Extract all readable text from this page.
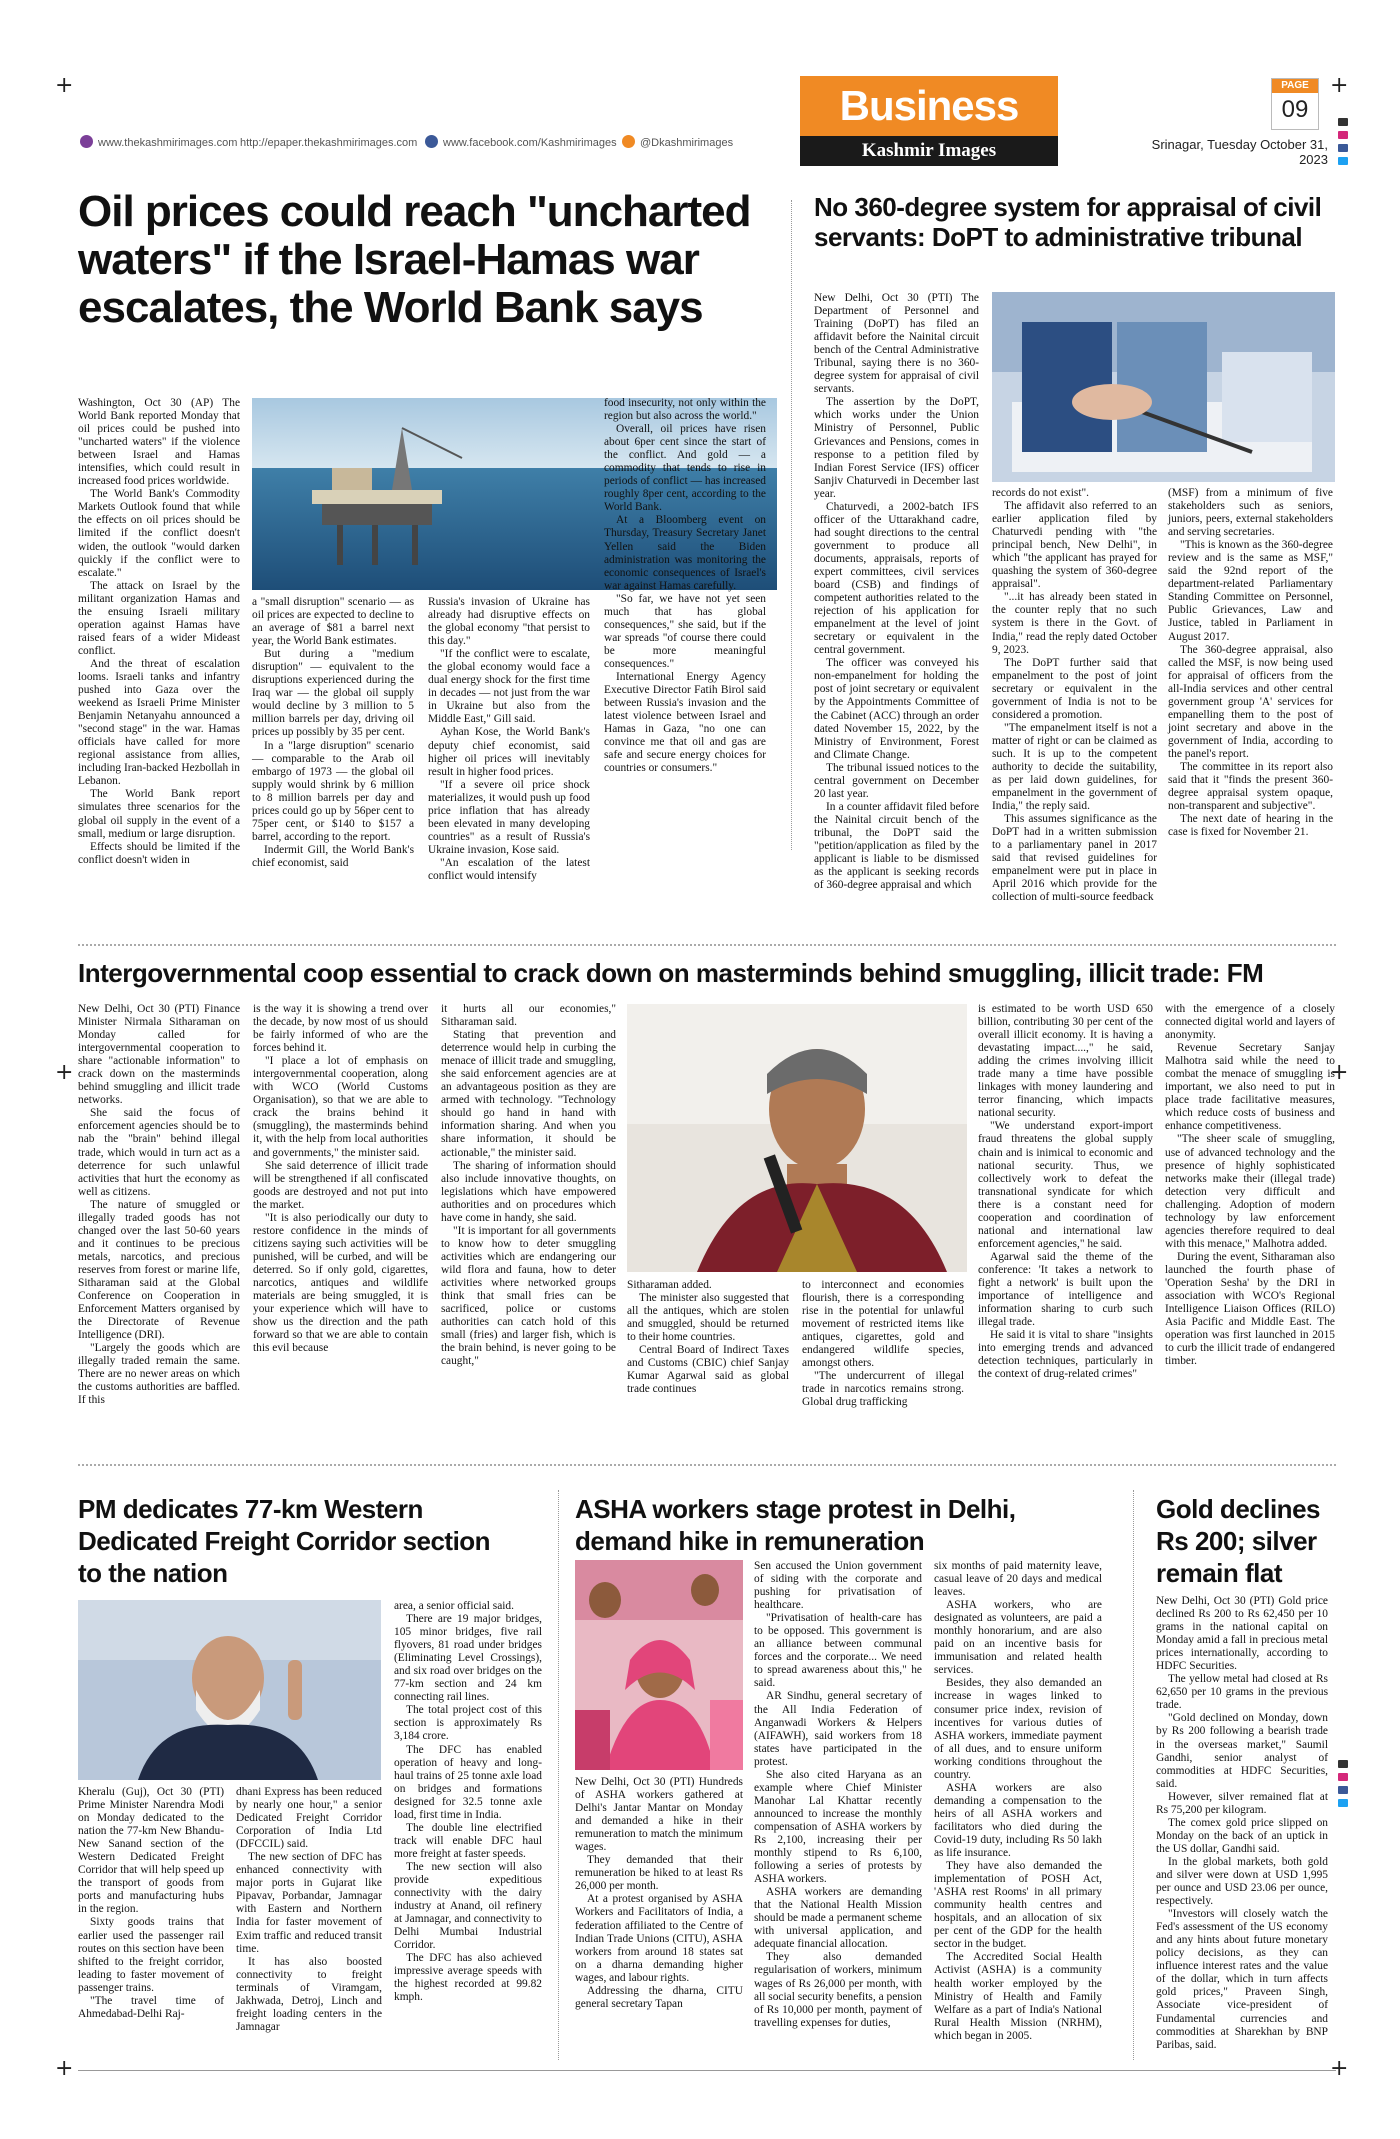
+	+
+	+
+	+
Business
Kashmir Images
PAGE
09
www.thekashmirimages.com http://epaper.thekashmirimages.com	www.facebook.com/Kashmirimages	@Dkashmirimages	Srinagar, Tuesday October 31, 2023
Oil prices could reach "uncharted waters" if the Israel-Hamas war escalates, the World Bank says

Washington, Oct 30 (AP) The World Bank reported Monday that oil prices could be pushed into "uncharted waters" if the violence between Israel and Hamas intensifies, which could result in increased food prices worldwide.

The World Bank's Commodity Markets Outlook found that while the effects on oil prices should be limited if the conflict doesn't widen, the outlook "would darken quickly if the conflict were to escalate."

The attack on Israel by the militant organization Hamas and the ensuing Israeli military operation against Hamas have raised fears of a wider Mideast conflict.

And the threat of escalation looms. Israeli tanks and infantry pushed into Gaza over the weekend as Israeli Prime Minister Benjamin Netanyahu announced a "second stage" in the war. Hamas officials have called for more regional assistance from allies, including Iran-backed Hezbollah in Lebanon.

The World Bank report simulates three scenarios for the global oil supply in the event of a small, medium or large disruption.

Effects should be limited if the conflict doesn't widen in

a "small disruption" scenario — as oil prices are expected to decline to an average of $81 a barrel next year, the World Bank estimates.

But during a "medium disruption" — equivalent to the disruptions experienced during the Iraq war — the global oil supply would decline by 3 million to 5 million barrels per day, driving oil prices up possibly by 35 per cent.

In a "large disruption" scenario — comparable to the Arab oil embargo of 1973 — the global oil supply would shrink by 6 million to 8 million barrels per day and prices could go up by 56per cent to 75per cent, or $140 to $157 a barrel, according to the report.

Indermit Gill, the World Bank's chief economist, said

Russia's invasion of Ukraine has already had disruptive effects on the global economy "that persist to this day."

"If the conflict were to escalate, the global economy would face a dual energy shock for the first time in decades — not just from the war in Ukraine but also from the Middle East," Gill said.

Ayhan Kose, the World Bank's deputy chief economist, said higher oil prices will inevitably result in higher food prices.

"If a severe oil price shock materializes, it would push up food price inflation that has already been elevated in many developing countries" as a result of Russia's Ukraine invasion, Kose said.

"An escalation of the latest conflict would intensify

food insecurity, not only within the region but also across the world."

Overall, oil prices have risen about 6per cent since the start of the conflict. And gold — a commodity that tends to rise in periods of conflict — has increased roughly 8per cent, according to the World Bank.

At a Bloomberg event on Thursday, Treasury Secretary Janet Yellen said the Biden administration was monitoring the economic consequences of Israel's war against Hamas carefully.

"So far, we have not yet seen much that has global consequences," she said, but if the war spreads "of course there could be more meaningful consequences."

International Energy Agency Executive Director Fatih Birol said between Russia's invasion and the latest violence between Israel and Hamas in Gaza, "no one can convince me that oil and gas are safe and secure energy choices for countries or consumers."

No 360-degree system for appraisal of civil servants: DoPT to administrative tribunal

New Delhi, Oct 30 (PTI) The Department of Personnel and Training (DoPT) has filed an affidavit before the Nainital circuit bench of the Central Administrative Tribunal, saying there is no 360-degree system for appraisal of civil servants.

The assertion by the DoPT, which works under the Union Ministry of Personnel, Public Grievances and Pensions, comes in response to a petition filed by Indian Forest Service (IFS) officer Sanjiv Chaturvedi in December last year.

Chaturvedi, a 2002-batch IFS officer of the Uttarakhand cadre, had sought directions to the central government to produce all documents, appraisals, reports of expert committees, civil services board (CSB) and findings of competent authorities related to the rejection of his application for empanelment at the level of joint secretary or equivalent in the central government.

The officer was conveyed his non-empanelment for holding the post of joint secretary or equivalent by the Appointments Committee of the Cabinet (ACC) through an order dated November 15, 2022, by the Ministry of Environment, Forest and Climate Change.

The tribunal issued notices to the central government on December 20 last year.

In a counter affidavit filed before the Nainital circuit bench of the tribunal, the DoPT said the "petition/application as filed by the applicant is liable to be dismissed as the applicant is seeking records of 360-degree appraisal and which

records do not exist".

The affidavit also referred to an earlier application filed by Chaturvedi pending with "the principal bench, New Delhi", in which "the applicant has prayed for quashing the system of 360-degree appraisal".

"...it has already been stated in the counter reply that no such system is there in the Govt. of India," read the reply dated October 9, 2023.

The DoPT further said that empanelment to the post of joint secretary or equivalent in the government of India is not to be considered a promotion.

"The empanelment itself is not a matter of right or can be claimed as such. It is up to the competent authority to decide the suitability, as per laid down guidelines, for empanelment in the government of India," the reply said.

This assumes significance as the DoPT had in a written submission to a parliamentary panel in 2017 said that revised guidelines for empanelment were put in place in April 2016 which provide for the collection of multi-source feedback

(MSF) from a minimum of five stakeholders such as seniors, juniors, peers, external stakeholders and serving secretaries.

"This is known as the 360-degree review and is the same as MSF," said the 92nd report of the department-related Parliamentary Standing Committee on Personnel, Public Grievances, Law and Justice, tabled in Parliament in August 2017.

The 360-degree appraisal, also called the MSF, is now being used for appraisal of officers from the all-India services and other central government group 'A' services for empanelling them to the post of joint secretary and above in the government of India, according to the panel's report.

The committee in its report also said that it "finds the present 360-degree appraisal system opaque, non-transparent and subjective".

The next date of hearing in the case is fixed for November 21.

Intergovernmental coop essential to crack down on masterminds behind smuggling, illicit trade: FM

New Delhi, Oct 30 (PTI) Finance Minister Nirmala Sitharaman on Monday called for intergovernmental cooperation to share "actionable information" to crack down on the masterminds behind smuggling and illicit trade networks.

She said the focus of enforcement agencies should be to nab the "brain" behind illegal trade, which would in turn act as a deterrence for such unlawful activities that hurt the economy as well as citizens.

The nature of smuggled or illegally traded goods has not changed over the last 50-60 years and it continues to be precious metals, narcotics, and precious reserves from forest or marine life, Sitharaman said at the Global Conference on Cooperation in Enforcement Matters organised by the Directorate of Revenue Intelligence (DRI).

"Largely the goods which are illegally traded remain the same. There are no newer areas on which the customs authorities are baffled. If this

is the way it is showing a trend over the decade, by now most of us should be fairly informed of who are the forces behind it.

"I place a lot of emphasis on intergovernmental cooperation, along with WCO (World Customs Organisation), so that we are able to crack the brains behind it (smuggling), the masterminds behind it, with the help from local authorities and governments," the minister said.

She said deterrence of illicit trade will be strengthened if all confiscated goods are destroyed and not put into the market.

"It is also periodically our duty to restore confidence in the minds of citizens saying such activities will be punished, will be curbed, and will be deterred. So if only gold, cigarettes, narcotics, antiques and wildlife materials are being smuggled, it is your experience which will have to show us the direction and the path forward so that we are able to contain this evil because

it hurts all our economies," Sitharaman said.

Stating that prevention and deterrence would help in curbing the menace of illicit trade and smuggling, she said enforcement agencies are at an advantageous position as they are armed with technology. "Technology should go hand in hand with information sharing. And when you share information, it should be actionable," the minister said.

The sharing of information should also include innovative thoughts, on legislations which have empowered authorities and on procedures which have come in handy, she said.

"It is important for all governments to know how to deter smuggling activities which are endangering our wild flora and fauna, how to deter activities where networked groups think that small fries can be sacrificed, police or customs authorities can catch hold of this small (fries) and larger fish, which is the brain behind, is never going to be caught,"

Sitharaman added.

The minister also suggested that all the antiques, which are stolen and smuggled, should be returned to their home countries.

Central Board of Indirect Taxes and Customs (CBIC) chief Sanjay Kumar Agarwal said as global trade continues

to interconnect and economies flourish, there is a corresponding rise in the potential for unlawful movement of restricted items like antiques, cigarettes, gold and endangered wildlife species, amongst others.

"The undercurrent of illegal trade in narcotics remains strong. Global drug trafficking

is estimated to be worth USD 650 billion, contributing 30 per cent of the overall illicit economy. It is having a devastating impact....," he said, adding the crimes involving illicit trade many a time have possible linkages with money laundering and terror financing, which impacts national security.

"We understand export-import fraud threatens the global supply chain and is inimical to economic and national security. Thus, we collectively work to defeat the transnational syndicate for which there is a constant need for cooperation and coordination of national and international law enforcement agencies," he said.

Agarwal said the theme of the conference: 'It takes a network to fight a network' is built upon the importance of intelligence and information sharing to curb such illegal trade.

He said it is vital to share "insights into emerging trends and advanced detection techniques, particularly in the context of drug-related crimes"

with the emergence of a closely connected digital world and layers of anonymity.

Revenue Secretary Sanjay Malhotra said while the need to combat the menace of smuggling is important, we also need to put in place trade facilitative measures, which reduce costs of business and enhance competitiveness.

"The sheer scale of smuggling, use of advanced technology and the presence of highly sophisticated networks make their (illegal trade) detection very difficult and challenging. Adoption of modern technology by law enforcement agencies therefore required to deal with this menace," Malhotra added.

During the event, Sitharaman also launched the fourth phase of 'Operation Sesha' by the DRI in association with WCO's Regional Intelligence Liaison Offices (RILO) Asia Pacific and Middle East. The operation was first launched in 2015 to curb the illicit trade of endangered timber.

PM dedicates 77-km Western Dedicated Freight Corridor section to the nation

Kheralu (Guj), Oct 30 (PTI) Prime Minister Narendra Modi on Monday dedicated to the nation the 77-km New Bhandu-New Sanand section of the Western Dedicated Freight Corridor that will help speed up the transport of goods from ports and manufacturing hubs in the region.

Sixty goods trains that earlier used the passenger rail routes on this section have been shifted to the freight corridor, leading to faster movement of passenger trains.

"The travel time of Ahmedabad-Delhi Raj-

dhani Express has been reduced by nearly one hour," a senior Dedicated Freight Corridor Corporation of India Ltd (DFCCIL) said.

The new section of DFC has enhanced connectivity with major ports in Gujarat like Pipavav, Porbandar, Jamnagar with Eastern and Northern India for faster movement of Exim traffic and reduced transit time.

It has also boosted connectivity to freight terminals of Viramgam, Jakhwada, Detroj, Linch and freight loading centers in the Jamnagar

area, a senior official said.

There are 19 major bridges, 105 minor bridges, five rail flyovers, 81 road under bridges (Eliminating Level Crossings), and six road over bridges on the 77-km section and 24 km connecting rail lines.

The total project cost of this section is approximately Rs 3,184 crore.

The DFC has enabled operation of heavy and long-haul trains of 25 tonne axle load on bridges and formations designed for 32.5 tonne axle load, first time in India.

The double line electrified track will enable DFC haul more freight at faster speeds.

The new section will also provide expeditious connectivity with the dairy industry at Anand, oil refinery at Jamnagar, and connectivity to Delhi Mumbai Industrial Corridor.

The DFC has also achieved impressive average speeds with the highest recorded at 99.82 kmph.

ASHA workers stage protest in Delhi, demand hike in remuneration

New Delhi, Oct 30 (PTI) Hundreds of ASHA workers gathered at Delhi's Jantar Mantar on Monday and demanded a hike in their remuneration to match the minimum wages.

They demanded that their remuneration be hiked to at least Rs 26,000 per month.

At a protest organised by ASHA Workers and Facilitators of India, a federation affiliated to the Centre of Indian Trade Unions (CITU), ASHA workers from around 18 states sat on a dharna demanding higher wages, and labour rights.

Addressing the dharna, CITU general secretary Tapan

Sen accused the Union government of siding with the corporate and pushing for privatisation of healthcare.

"Privatisation of health-care has to be opposed. This government is an alliance between communal forces and the corporate... We need to spread awareness about this," he said.

AR Sindhu, general secretary of the All India Federation of Anganwadi Workers & Helpers (AIFAWH), said workers from 18 states have participated in the protest.

She also cited Haryana as an example where Chief Minister Manohar Lal Khattar recently announced to increase the monthly compensation of ASHA workers by Rs 2,100, increasing their per monthly stipend to Rs 6,100, following a series of protests by ASHA workers.

ASHA workers are demanding that the National Health Mission should be made a permanent scheme with universal application, and adequate financial allocation.

They also demanded regularisation of workers, minimum wages of Rs 26,000 per month, with all social security benefits, a pension of Rs 10,000 per month, payment of travelling expenses for duties,

six months of paid maternity leave, casual leave of 20 days and medical leaves.

ASHA workers, who are designated as volunteers, are paid a monthly honorarium, and are also paid on an incentive basis for immunisation and related health services.

Besides, they also demanded an increase in wages linked to consumer price index, revision of incentives for various duties of ASHA workers, immediate payment of all dues, and to ensure uniform working conditions throughout the country.

ASHA workers are also demanding a compensation to the heirs of all ASHA workers and facilitators who died during the Covid-19 duty, including Rs 50 lakh as life insurance.

They have also demanded the implementation of POSH Act, 'ASHA rest Rooms' in all primary community health centres and hospitals, and an allocation of six per cent of the GDP for the health sector in the budget.

The Accredited Social Health Activist (ASHA) is a community health worker employed by the Ministry of Health and Family Welfare as a part of India's National Rural Health Mission (NRHM), which began in 2005.

Gold declines Rs 200; silver remain flat

New Delhi, Oct 30 (PTI) Gold price declined Rs 200 to Rs 62,450 per 10 grams in the national capital on Monday amid a fall in precious metal prices internationally, according to HDFC Securities.

The yellow metal had closed at Rs 62,650 per 10 grams in the previous trade.

"Gold declined on Monday, down by Rs 200 following a bearish trade in the overseas market," Saumil Gandhi, senior analyst of commodities at HDFC Securities, said.

However, silver remained flat at Rs 75,200 per kilogram.

The comex gold price slipped on Monday on the back of an uptick in the US dollar, Gandhi said.

In the global markets, both gold and silver were down at USD 1,995 per ounce and USD 23.06 per ounce, respectively.

"Investors will closely watch the Fed's assessment of the US economy and any hints about future monetary policy decisions, as they can influence interest rates and the value of the dollar, which in turn affects gold prices," Praveen Singh, Associate vice-president of Fundamental currencies and commodities at Sharekhan by BNP Paribas, said.
